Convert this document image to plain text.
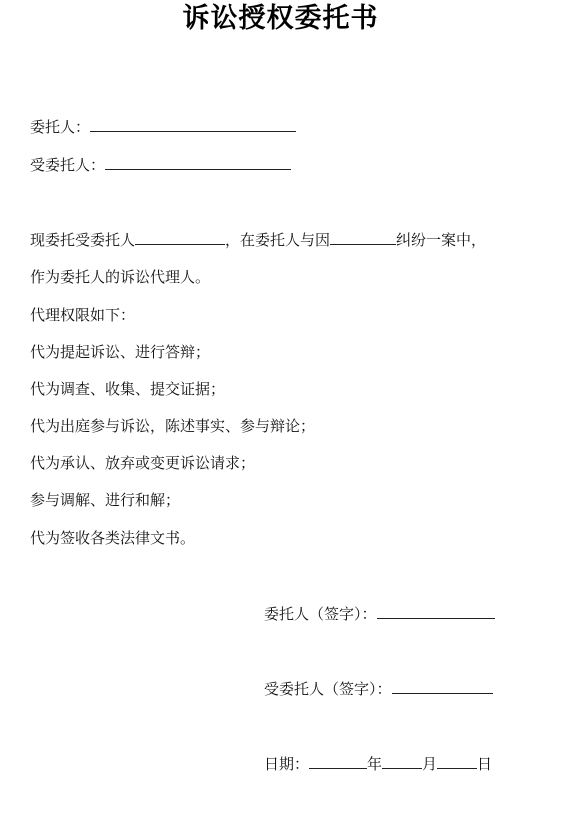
诉讼授权委托书
委托人：
受委托人：
现委托受委托人	，在委托人与因	纠纷一案中，
作为委托人的诉讼代理人。
代理权限如下：
代为提起诉讼、进行答辩；
代为调查、收集、提交证据；
代为出庭参与诉讼，陈述事实、参与辩论；
代为承认、放弃或变更诉讼请求；
参与调解、进行和解；
代为签收各类法律文书。
委托人（签字）：
受委托人（签字）：
日期：	年	月	日
